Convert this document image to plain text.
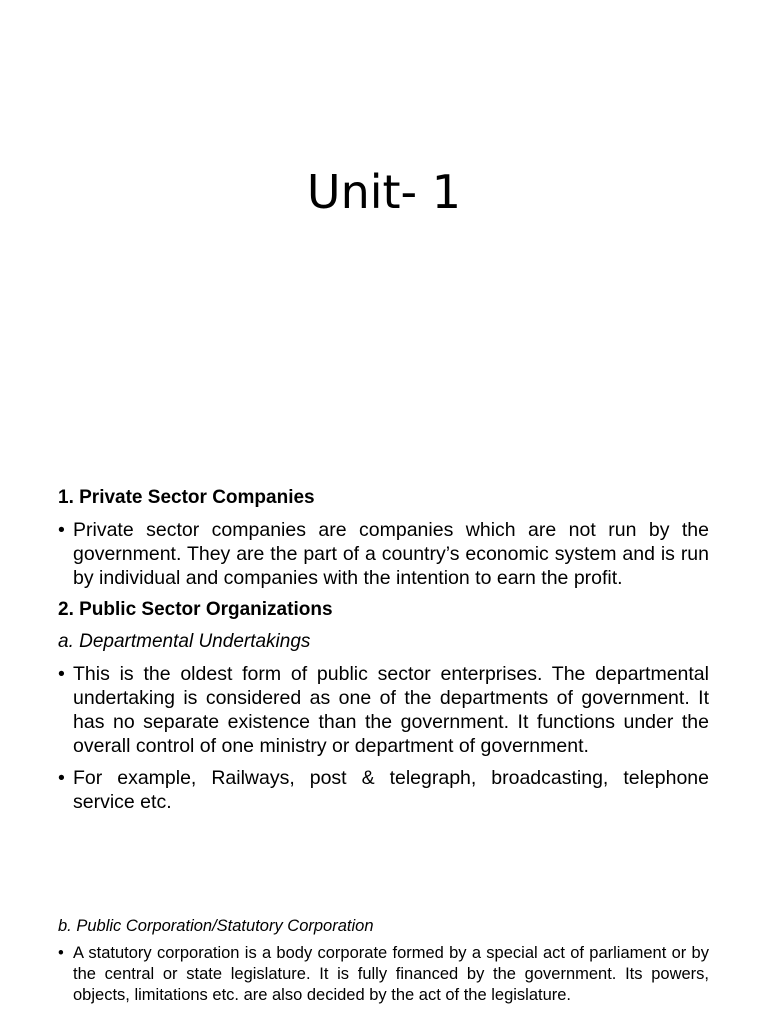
Unit- 1

1. Private Sector Companies

• Private sector companies are companies which are not run by the government. They are the part of a country’s economic system and is run by individual and companies with the intention to earn the profit.

2. Public Sector Organizations

a. Departmental Undertakings

• This is the oldest form of public sector enterprises. The departmental undertaking is considered as one of the departments of government. It has no separate existence than the government. It functions under the overall control of one ministry or department of government.

• For example, Railways, post & telegraph, broadcasting, telephone service etc.

b. Public Corporation/Statutory Corporation

• A statutory corporation is a body corporate formed by a special act of parliament or by the central or state legislature. It is fully financed by the government. Its powers, objects, limitations etc. are also decided by the act of the legislature.
